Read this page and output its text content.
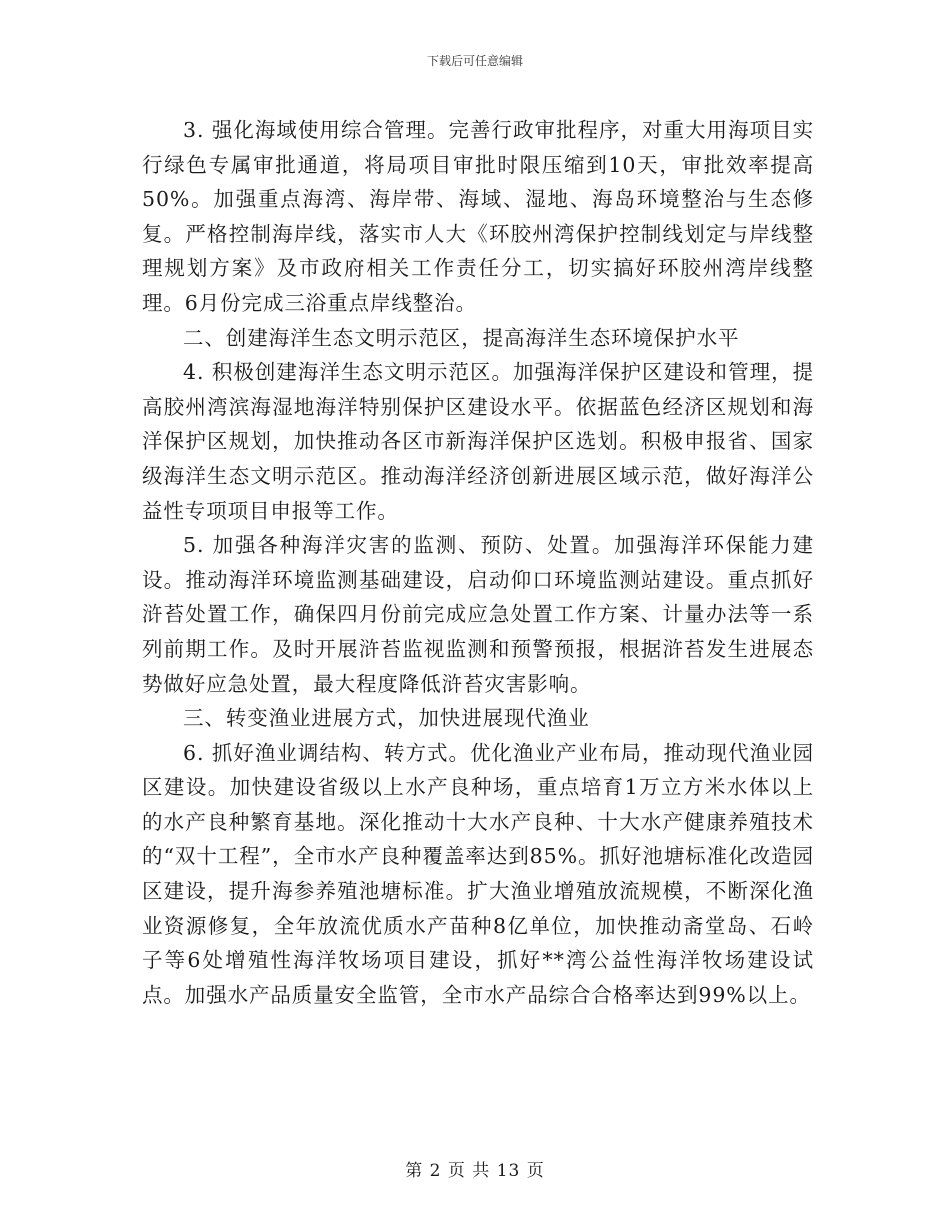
下载后可任意编辑

3. 强化海域使用综合管理。完善行政审批程序，对重大用海项目实行绿色专属审批通道，将局项目审批时限压缩到10天，审批效率提高50%。加强重点海湾、海岸带、海域、湿地、海岛环境整治与生态修复。严格控制海岸线，落实市人大《环胶州湾保护控制线划定与岸线整理规划方案》及市政府相关工作责任分工，切实搞好环胶州湾岸线整理。6月份完成三浴重点岸线整治。

二、创建海洋生态文明示范区，提高海洋生态环境保护水平

4. 积极创建海洋生态文明示范区。加强海洋保护区建设和管理，提高胶州湾滨海湿地海洋特别保护区建设水平。依据蓝色经济区规划和海洋保护区规划，加快推动各区市新海洋保护区选划。积极申报省、国家级海洋生态文明示范区。推动海洋经济创新进展区域示范，做好海洋公益性专项项目申报等工作。

5. 加强各种海洋灾害的监测、预防、处置。加强海洋环保能力建设。推动海洋环境监测基础建设，启动仰口环境监测站建设。重点抓好浒苔处置工作，确保四月份前完成应急处置工作方案、计量办法等一系列前期工作。及时开展浒苔监视监测和预警预报，根据浒苔发生进展态势做好应急处置，最大程度降低浒苔灾害影响。

三、转变渔业进展方式，加快进展现代渔业

6. 抓好渔业调结构、转方式。优化渔业产业布局，推动现代渔业园区建设。加快建设省级以上水产良种场，重点培育1万立方米水体以上的水产良种繁育基地。深化推动十大水产良种、十大水产健康养殖技术的“双十工程”，全市水产良种覆盖率达到85%。抓好池塘标准化改造园区建设，提升海参养殖池塘标准。扩大渔业增殖放流规模，不断深化渔业资源修复，全年放流优质水产苗种8亿单位，加快推动斋堂岛、石岭子等6处增殖性海洋牧场项目建设，抓好**湾公益性海洋牧场建设试点。加强水产品质量安全监管，全市水产品综合合格率达到99%以上。

第 2 页 共 13 页
